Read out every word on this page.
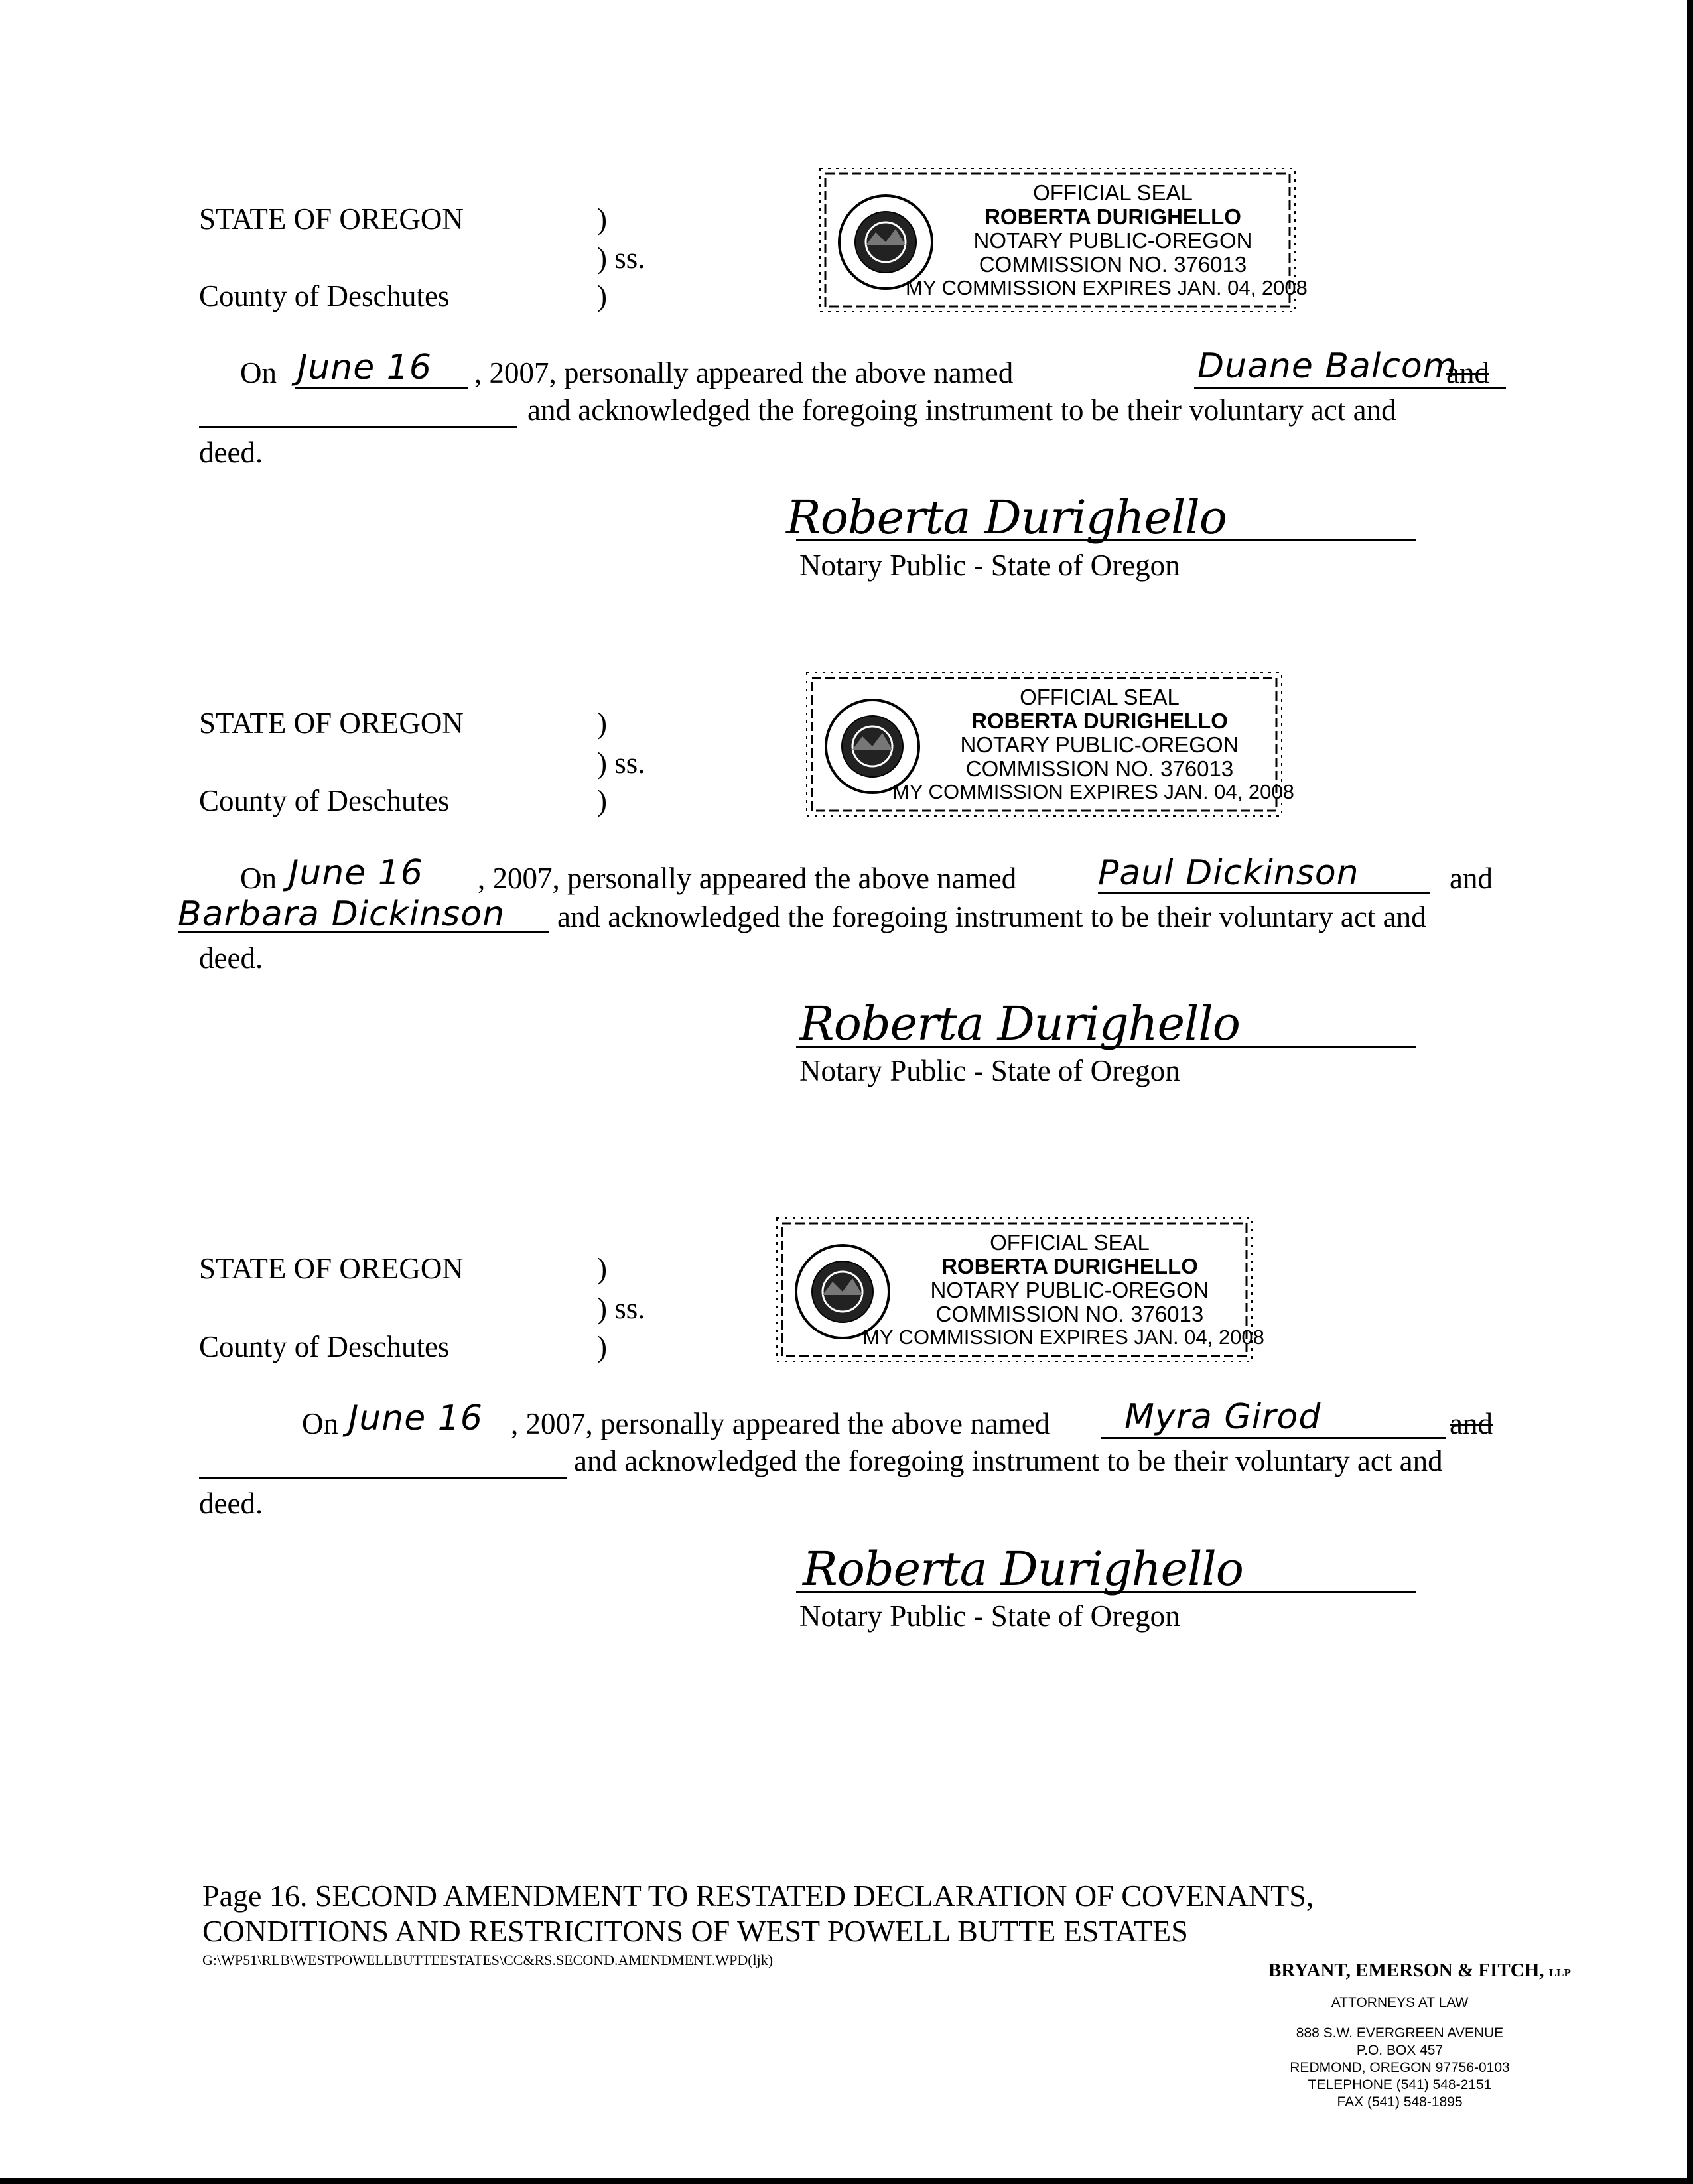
STATE OF OREGON	)
) ss.
County of Deschutes	)
OFFICIAL SEAL
ROBERTA DURIGHELLO
NOTARY PUBLIC-OREGON
COMMISSION NO. 376013
MY COMMISSION EXPIRES JAN. 04, 2008
On June 16 , 2007, personally appeared the above named	Duane Balcom
and
and acknowledged the foregoing instrument to be their voluntary act and
deed.
Roberta Durighello
Notary Public - State of Oregon
STATE OF OREGON	)
) ss.
County of Deschutes	)
OFFICIAL SEAL
ROBERTA DURIGHELLO
NOTARY PUBLIC-OREGON
COMMISSION NO. 376013
MY COMMISSION EXPIRES JAN. 04, 2008
On June 16 , 2007, personally appeared the above named Paul Dickinson	and
Barbara Dickinson and acknowledged the foregoing instrument to be their voluntary act and
deed.
Roberta Durighello
Notary Public - State of Oregon
STATE OF OREGON	)
) ss.
County of Deschutes	)
OFFICIAL SEAL
ROBERTA DURIGHELLO
NOTARY PUBLIC-OREGON
COMMISSION NO. 376013
MY COMMISSION EXPIRES JAN. 04, 2008
On June 16 , 2007, personally appeared the above named Myra Girod	and
and acknowledged the foregoing instrument to be their voluntary act and
deed.
Roberta Durighello
Notary Public - State of Oregon
Page 16. SECOND AMENDMENT TO RESTATED DECLARATION OF COVENANTS,
CONDITIONS AND RESTRICITONS OF WEST POWELL BUTTE ESTATES
G:\WP51\RLB\WESTPOWELLBUTTEESTATES\CC&RS.SECOND.AMENDMENT.WPD(ljk)	BRYANT, EMERSON & FITCH, LLP
ATTORNEYS AT LAW
888 S.W. EVERGREEN AVENUE
P.O. BOX 457
REDMOND, OREGON 97756-0103
TELEPHONE (541) 548-2151
FAX (541) 548-1895
